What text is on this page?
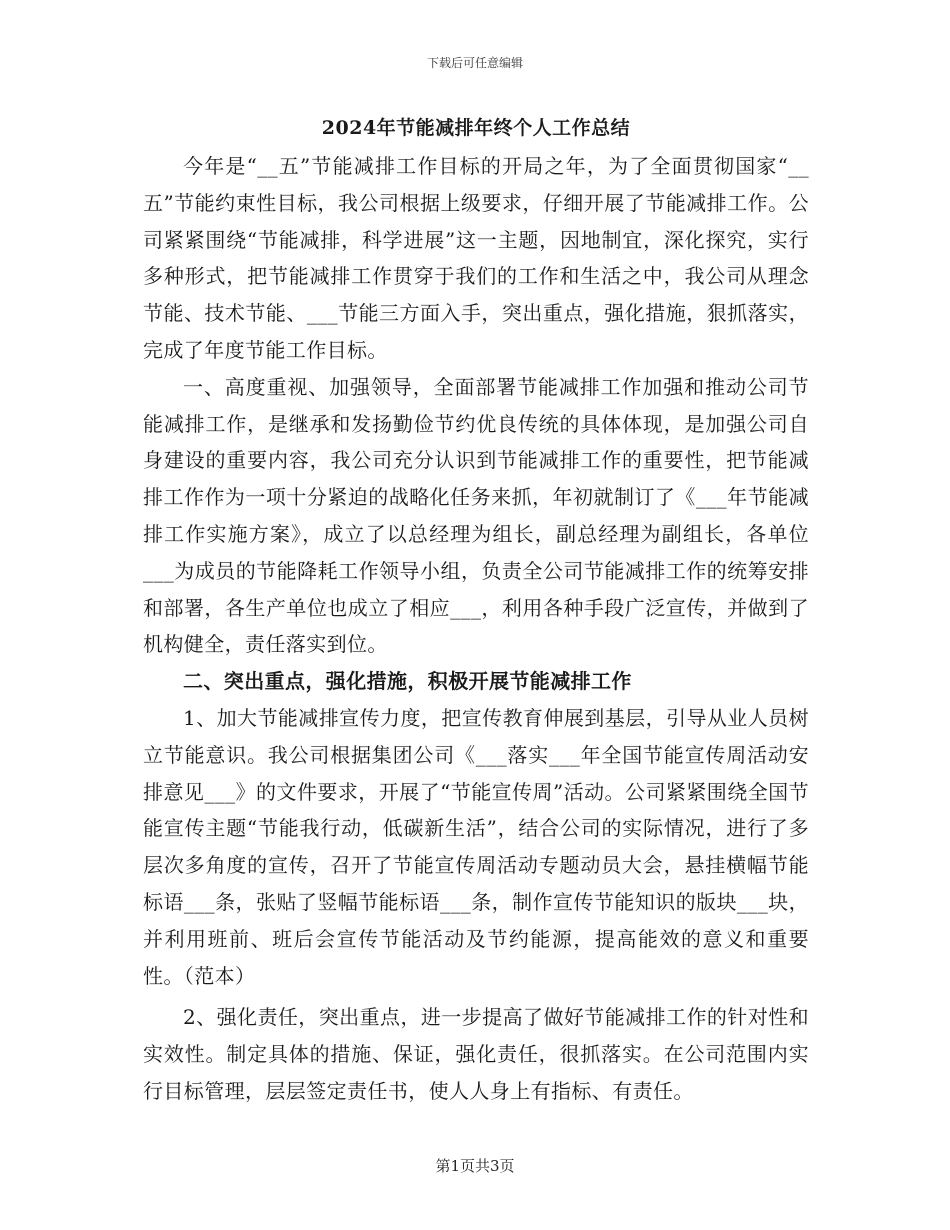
下载后可任意编辑
2024年节能减排年终个人工作总结

今年是“__五”节能减排工作目标的开局之年，为了全面贯彻国家“__五”节能约束性目标，我公司根据上级要求，仔细开展了节能减排工作。公司紧紧围绕“节能减排，科学进展”这一主题，因地制宜，深化探究，实行多种形式，把节能减排工作贯穿于我们的工作和生活之中，我公司从理念节能、技术节能、___节能三方面入手，突出重点，强化措施，狠抓落实，完成了年度节能工作目标。

一、高度重视、加强领导，全面部署节能减排工作加强和推动公司节能减排工作，是继承和发扬勤俭节约优良传统的具体体现，是加强公司自身建设的重要内容，我公司充分认识到节能减排工作的重要性，把节能减排工作作为一项十分紧迫的战略化任务来抓，年初就制订了《___年节能减排工作实施方案》，成立了以总经理为组长，副总经理为副组长，各单位___为成员的节能降耗工作领导小组，负责全公司节能减排工作的统筹安排和部署，各生产单位也成立了相应___，利用各种手段广泛宣传，并做到了机构健全，责任落实到位。

二、突出重点，强化措施，积极开展节能减排工作

1、加大节能减排宣传力度，把宣传教育伸展到基层，引导从业人员树立节能意识。我公司根据集团公司《___落实___年全国节能宣传周活动安排意见___》的文件要求，开展了“节能宣传周”活动。公司紧紧围绕全国节能宣传主题“节能我行动，低碳新生活”，结合公司的实际情况，进行了多层次多角度的宣传，召开了节能宣传周活动专题动员大会，悬挂横幅节能标语___条，张贴了竖幅节能标语___条，制作宣传节能知识的版块___块，并利用班前、班后会宣传节能活动及节约能源，提高能效的意义和重要性。（范本）

2、强化责任，突出重点，进一步提高了做好节能减排工作的针对性和实效性。制定具体的措施、保证，强化责任，很抓落实。在公司范围内实行目标管理，层层签定责任书，使人人身上有指标、有责任。

第1页共3页
